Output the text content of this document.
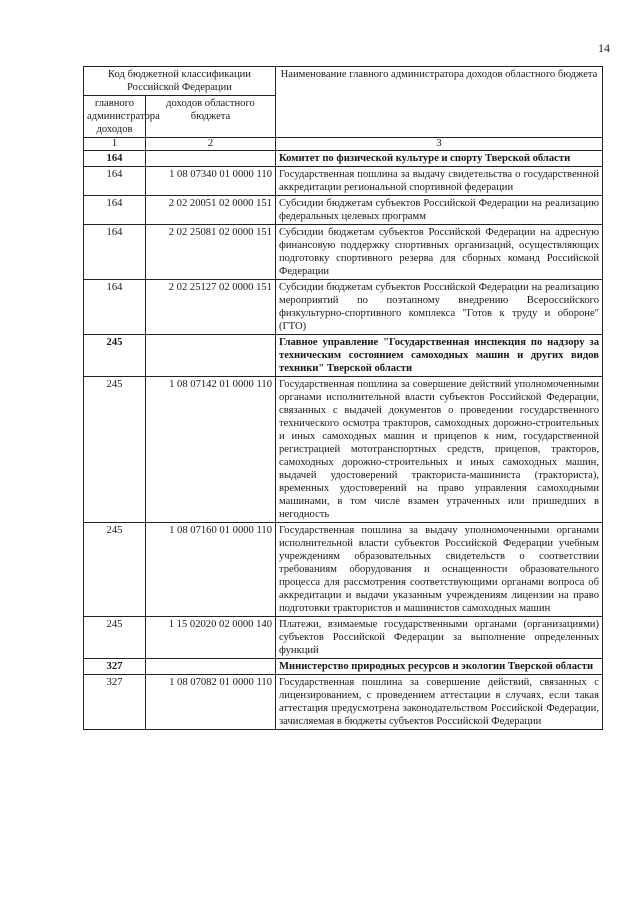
14
Код бюджетной классификации Российской Федерации		Наименование главного администратора доходов областного бюджета
главного администратора доходов	доходов областного бюджета	
1	2	3
164		Комитет по физической культуре и спорту Тверской области
164	1 08 07340 01 0000 110	Государственная пошлина за выдачу свидетельства о государственной аккредитации региональной спортивной федерации
164	2 02 20051 02 0000 151	Субсидии бюджетам субъектов Российской Федерации на реализацию федеральных целевых программ
164	2 02 25081 02 0000 151	Субсидии бюджетам субъектов Российской Федерации на адресную финансовую поддержку спортивных организаций, осуществляющих подготовку спортивного резерва для сборных команд Российской Федерации
164	2 02 25127 02 0000 151	Субсидии бюджетам субъектов Российской Федерации на реализацию мероприятий по поэтапному внедрению Всероссийского физкультурно-спортивного комплекса "Готов к труду и обороне" (ГТО)
245		Главное управление "Государственная инспекция по надзору за техническим состоянием самоходных машин и других видов техники" Тверской области
245	1 08 07142 01 0000 110	Государственная пошлина за совершение действий уполномоченными органами исполнительной власти субъектов Российской Федерации, связанных с выдачей документов о проведении государственного технического осмотра тракторов, самоходных дорожно-строительных и иных самоходных машин и прицепов к ним, государственной регистрацией мототранспортных средств, прицепов, тракторов, самоходных дорожно-строительных и иных самоходных машин, выдачей удостоверений тракториста-машиниста (тракториста), временных удостоверений на право управления самоходными машинами, в том числе взамен утраченных или пришедших в негодность
245	1 08 07160 01 0000 110	Государственная пошлина за выдачу уполномоченными органами исполнительной власти субъектов Российской Федерации учебным учреждениям образовательных свидетельств о соответствии требованиям оборудования и оснащенности образовательного процесса для рассмотрения соответствующими органами вопроса об аккредитации и выдачи указанным учреждениям лицензии на право подготовки трактористов и машинистов самоходных машин
245	1 15 02020 02 0000 140	Платежи, взимаемые государственными органами (организациями) субъектов Российской Федерации за выполнение определенных функций
327		Министерство природных ресурсов и экологии Тверской области
327	1 08 07082 01 0000 110	Государственная пошлина за совершение действий, связанных с лицензированием, с проведением аттестации в случаях, если такая аттестация предусмотрена законодательством Российской Федерации, зачисляемая в бюджеты субъектов Российской Федерации
